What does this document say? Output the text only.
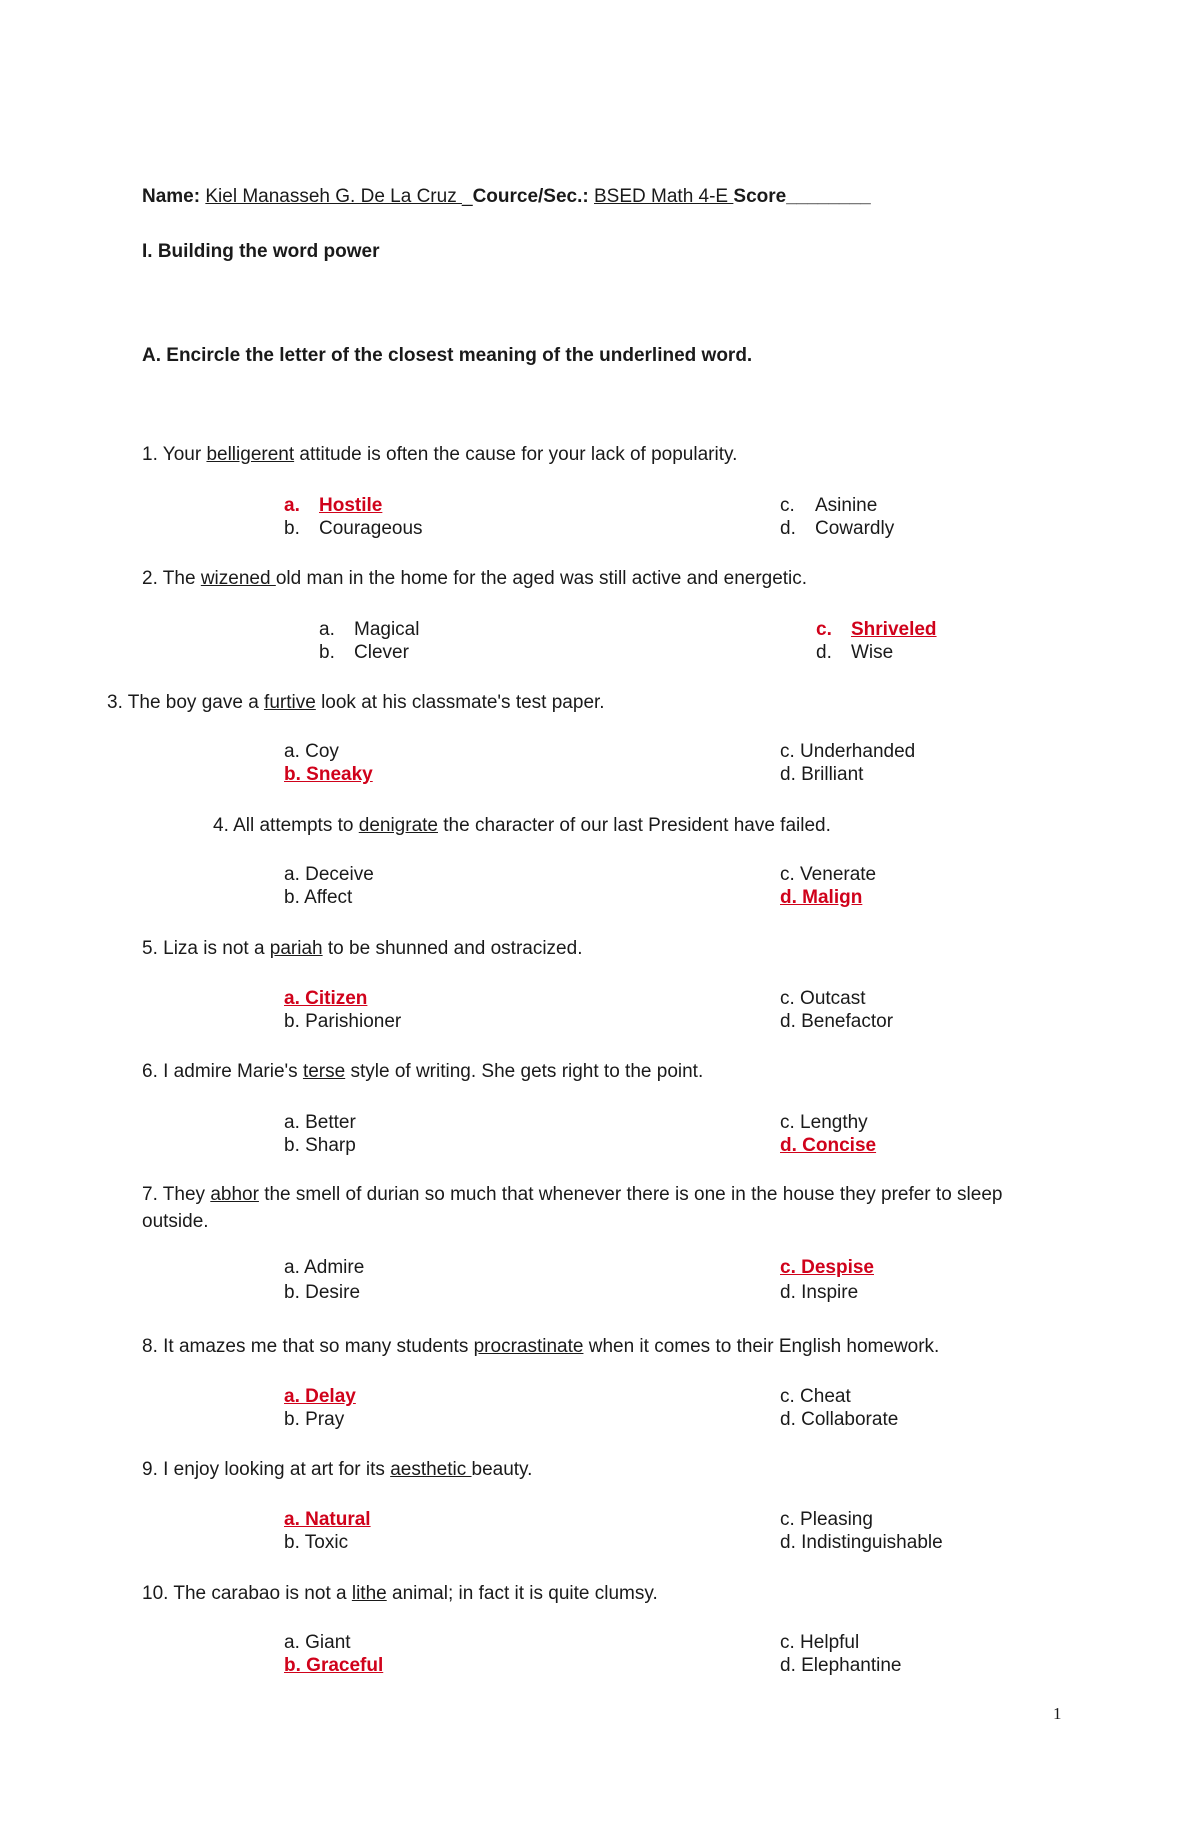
Name: Kiel Manasseh G. De La Cruz _Cource/Sec.: BSED Math 4-E Score________
I. Building the word power
A. Encircle the letter of the closest meaning of the underlined word.
1. Your belligerent attitude is often the cause for your lack of popularity.
a. Hostile
b. Courageous
c. Asinine
d. Cowardly
2. The wizened old man in the home for the aged was still active and energetic.
a. Magical
b. Clever
c. Shriveled
d. Wise
3. The boy gave a furtive look at his classmate's test paper.
a. Coy
b. Sneaky
c. Underhanded
d. Brilliant
4. All attempts to denigrate the character of our last President have failed.
a. Deceive
b. Affect
c. Venerate
d. Malign
5. Liza is not a pariah to be shunned and ostracized.
a. Citizen
b. Parishioner
c. Outcast
d. Benefactor
6. I admire Marie's terse style of writing. She gets right to the point.
a. Better
b. Sharp
c. Lengthy
d. Concise
7. They abhor the smell of durian so much that whenever there is one in the house they prefer to sleep
outside.
a. Admire
b. Desire
c. Despise
d. Inspire
8. It amazes me that so many students procrastinate when it comes to their English homework.
a. Delay
b. Pray
c. Cheat
d. Collaborate
9. I enjoy looking at art for its aesthetic beauty.
a. Natural
b. Toxic
c. Pleasing
d. Indistinguishable
10. The carabao is not a lithe animal; in fact it is quite clumsy.
a. Giant
b. Graceful
c. Helpful
d. Elephantine
1
